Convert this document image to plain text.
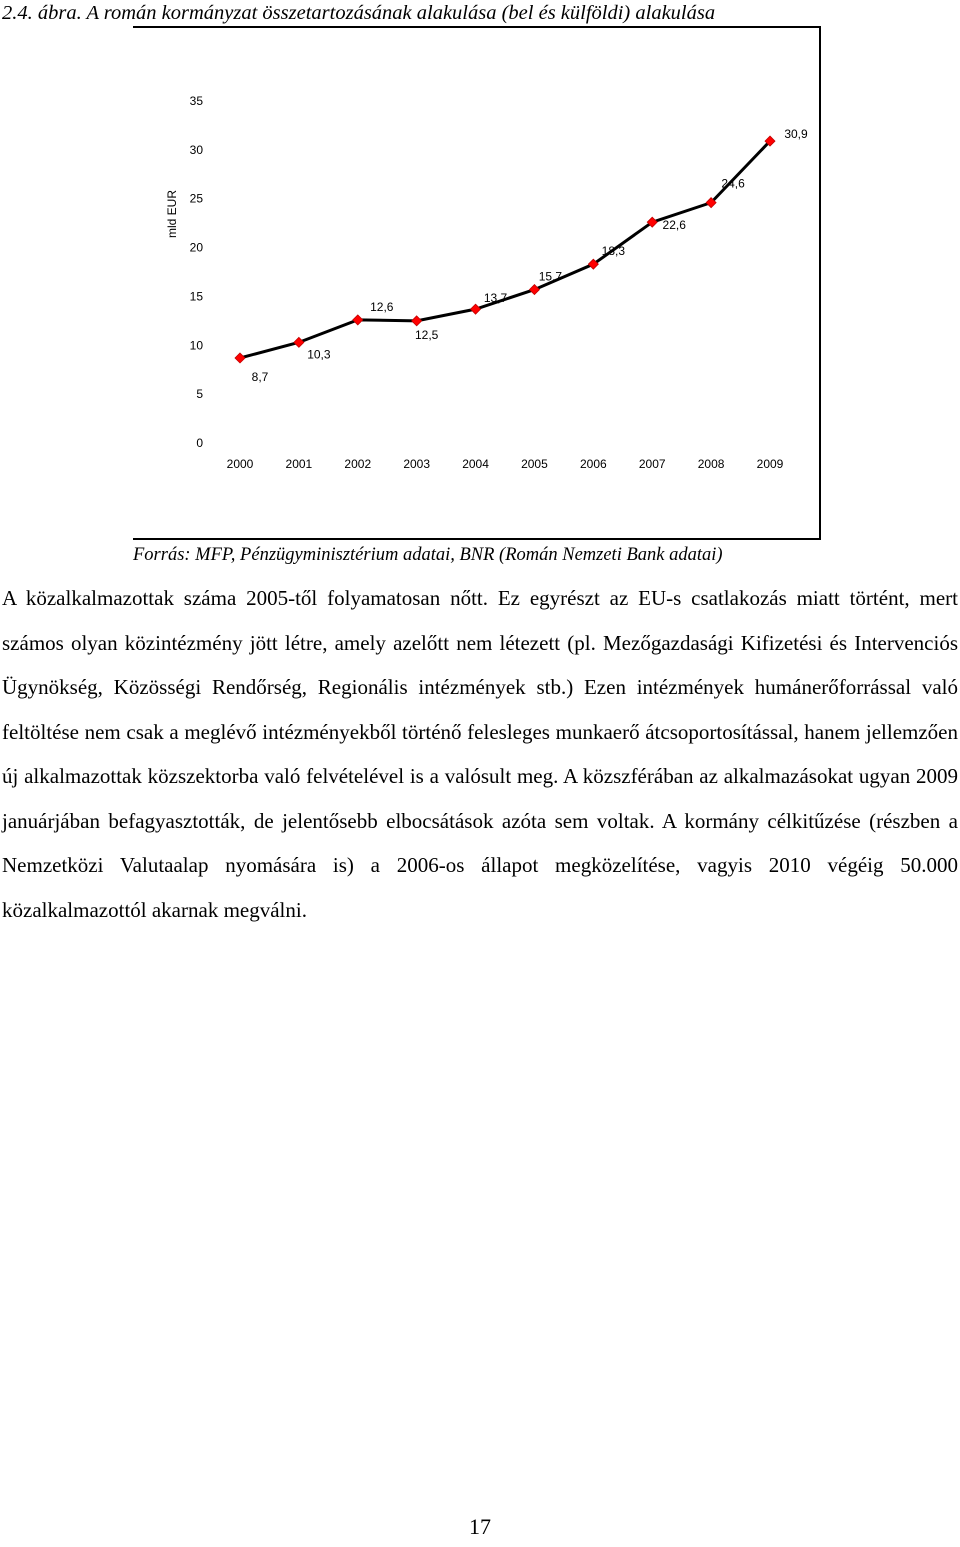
2.4. ábra. A román kormányzat összetartozásának alakulása (bel és külföldi) alakulása
0
5
10
15
20
25
30
35
mld EUR
2000	2001	2002	2003	2004	2005	2006	2007	2008	2009
8,7
10,3
12,6
12,5
13,7
15,7
18,3
22,6
24,6
30,9
Forrás: MFP, Pénzügyminisztérium adatai, BNR (Román Nemzeti Bank adatai)
A közalkalmazottak száma 2005-től folyamatosan nőtt. Ez egyrészt az EU-s csatlakozás miatt történt, mert számos olyan közintézmény jött létre, amely azelőtt nem létezett (pl. Mezőgazdasági Kifizetési és Intervenciós Ügynökség, Közösségi Rendőrség, Regionális intézmények stb.) Ezen intézmények humánerőforrással való feltöltése nem csak a meglévő intézményekből történő felesleges munkaerő átcsoportosítással, hanem jellemzően új alkalmazottak közszektorba való felvételével is a valósult meg. A közszférában az alkalmazásokat ugyan 2009 januárjában befagyasztották, de jelentősebb elbocsátások azóta sem voltak. A kormány célkitűzése (részben a Nemzetközi Valutaalap nyomására is) a 2006-os állapot megközelítése, vagyis 2010 végéig 50.000 közalkalmazottól akarnak megválni.
17
